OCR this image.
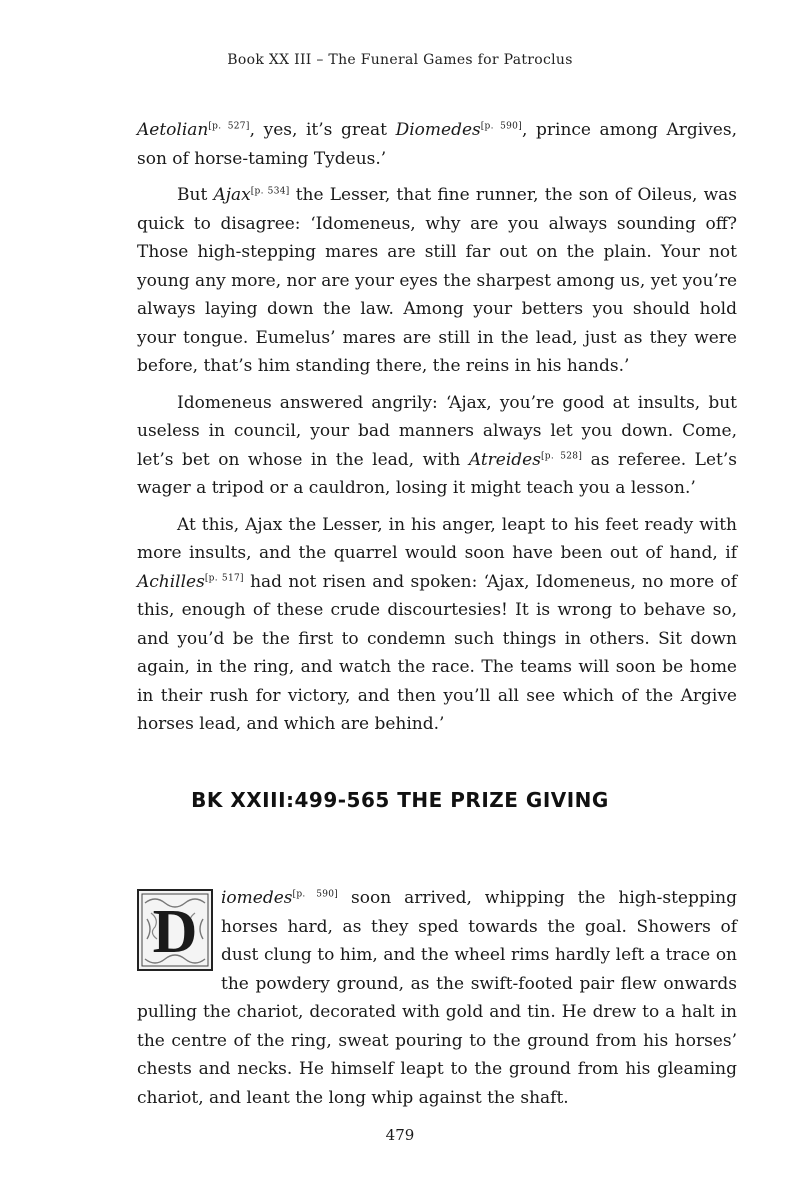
Book XX III – The Funeral Games for Patroclus

Aetolian[p. 527], yes, it’s great Diomedes[p. 590], prince among Argives, son of horse-taming Tydeus.’

But Ajax[p. 534] the Lesser, that fine runner, the son of Oileus, was quick to disagree: ‘Idomeneus, why are you always sounding off? Those high-stepping mares are still far out on the plain. Your not young any more, nor are your eyes the sharpest among us, yet you’re always laying down the law. Among your betters you should hold your tongue. Eumelus’ mares are still in the lead, just as they were before, that’s him standing there, the reins in his hands.’

Idomeneus answered angrily: ‘Ajax, you’re good at insults, but useless in council, your bad manners always let you down. Come, let’s bet on whose in the lead, with Atreides[p. 528] as referee. Let’s wager a tripod or a cauldron, losing it might teach you a lesson.’

At this, Ajax the Lesser, in his anger, leapt to his feet ready with more insults, and the quarrel would soon have been out of hand, if Achilles[p. 517] had not risen and spoken: ‘Ajax, Idomeneus, no more of this, enough of these crude discourtesies! It is wrong to behave so, and you’d be the first to condemn such things in others. Sit down again, in the ring, and watch the race. The teams will soon be home in their rush for victory, and then you’ll all see which of the Argive horses lead, and which are behind.’

BK XXIII:499-565 THE PRIZE GIVING

D iomedes[p. 590] soon arrived, whipping the high-stepping horses hard, as they sped towards the goal. Showers of dust clung to him, and the wheel rims hardly left a trace on the powdery ground, as the swift-footed pair flew onwards pulling the chariot, decorated with gold and tin. He drew to a halt in the centre of the ring, sweat pouring to the ground from his horses’ chests and necks. He himself leapt to the ground from his gleaming chariot, and leant the long whip against the shaft.

479
